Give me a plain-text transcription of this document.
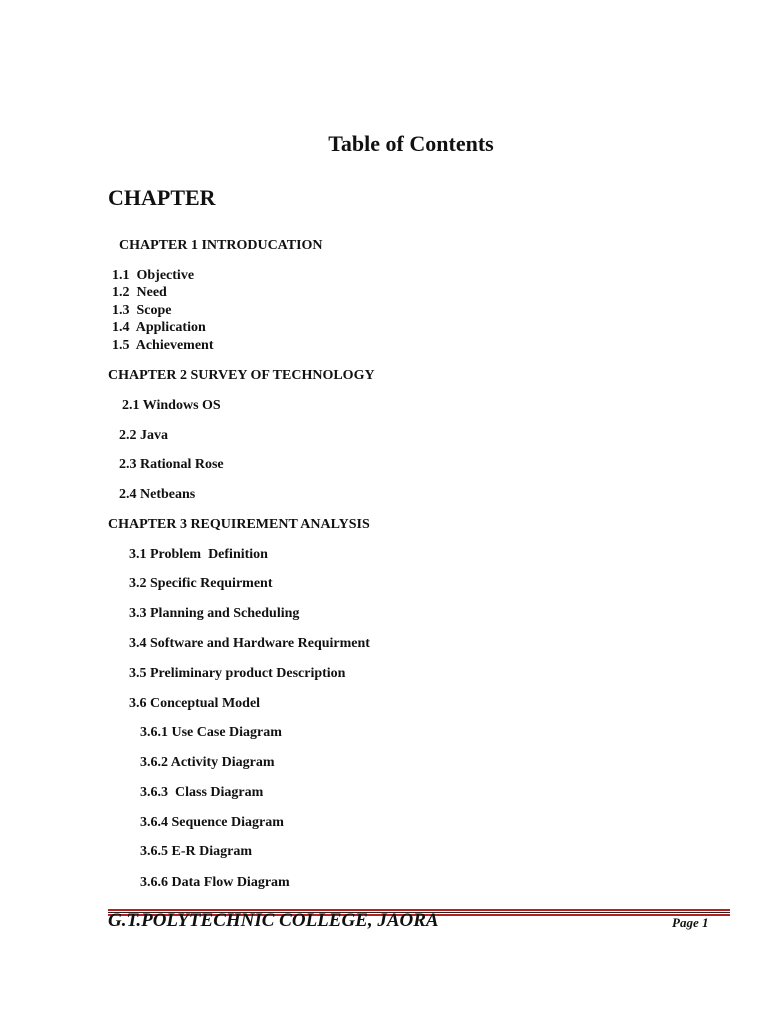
Table of Contents
CHAPTER
CHAPTER 1 INTRODUCATION
1.1  Objective
1.2  Need
1.3  Scope
1.4  Application
1.5  Achievement
CHAPTER 2 SURVEY OF TECHNOLOGY
2.1 Windows OS
2.2 Java
2.3 Rational Rose
2.4 Netbeans
CHAPTER 3 REQUIREMENT ANALYSIS
3.1 Problem  Definition
3.2 Specific Requirment
3.3 Planning and Scheduling
3.4 Software and Hardware Requirment
3.5 Preliminary product Description
3.6 Conceptual Model
3.6.1 Use Case Diagram
3.6.2 Activity Diagram
3.6.3  Class Diagram
3.6.4 Sequence Diagram
3.6.5 E-R Diagram
3.6.6 Data Flow Diagram
G.T.POLYTECHNIC COLLEGE, JAORA	Page 1
